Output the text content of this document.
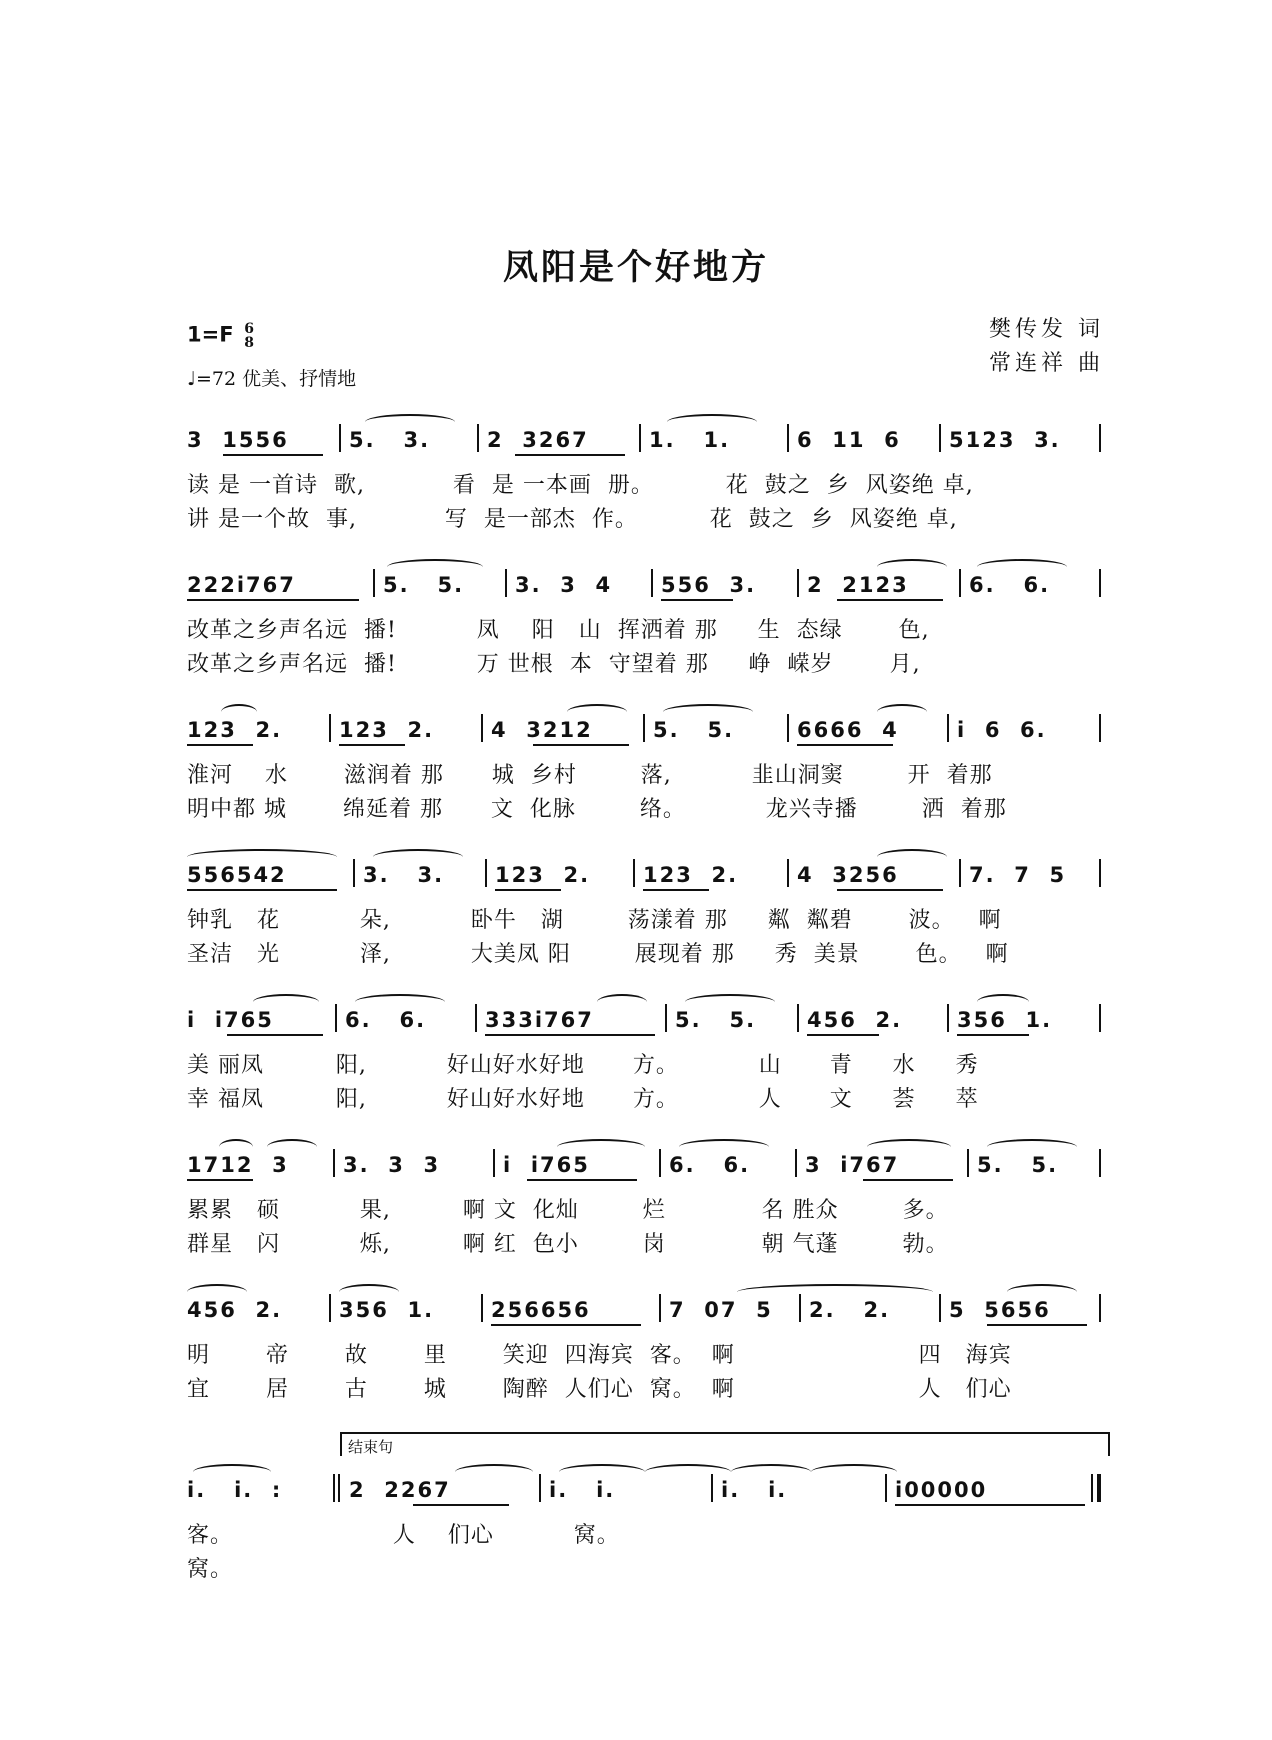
凤阳是个好地方
1=F 6
8
♩=72 优美、抒情地
樊传发 词
常连祥 曲
3  1556	5.   3.	2  3267	1.   1.	6  11  6 5123  3.
读 是 一首诗  歌,           看  是 一本画  册。         花  鼓之  乡  风姿绝 卓,
讲 是一个故  事,           写  是一部杰  作。         花  鼓之  乡  风姿绝 卓,
222i767	5.   5. 3.  3  4 556  3. 2  2123	6.   6.
改革之乡声名远  播!          凤    阳   山  挥洒着 那     生  态绿       色,
改革之乡声名远  播!          万 世根  本  守望着 那     峥  嵘岁       月,
123  2.	123  2.	4  3212	5.   5.	6666  4	i  6  6.
淮河    水       滋润着 那      城  乡村        落,          韭山洞窦        开  着那
明中都 城       绵延着 那      文  化脉        络。          龙兴寺播        洒  着那
556542	3.   3. 123  2.	123  2.	4  3256	7.  7  5
钟乳   花          朵,          卧牛   湖        荡漾着 那     粼  粼碧       波。   啊
圣洁   光          泽,          大美凤 阳        展现着 那     秀  美景       色。   啊
i  i765	6.   6.	333i767	5.   5. 456  2.	356  1.
美 丽凤         阳,          好山好水好地      方。          山      青     水     秀
幸 福凤         阳,          好山好水好地      方。          人      文     荟     萃
1712  3	3.  3  3	i  i765	6.   6.	3  i767	5.   5.
累累   硕          果,         啊 文  化灿        烂            名 胜众        多。
群星   闪          烁,         啊 红  色小        岗            朝 气蓬        勃。
456  2.	356  1.	256656	7  07  5 2.   2.	5  5656
明       帝       故       里       笑迎  四海宾  客。  啊                       四   海宾
宜       居       古       城       陶醉  人们心  窝。  啊                       人   们心
结束句
i.   i.  :	2  2267	i.   i.	i.   i.	i00000
客。                    人    们心          窝。
窝。
